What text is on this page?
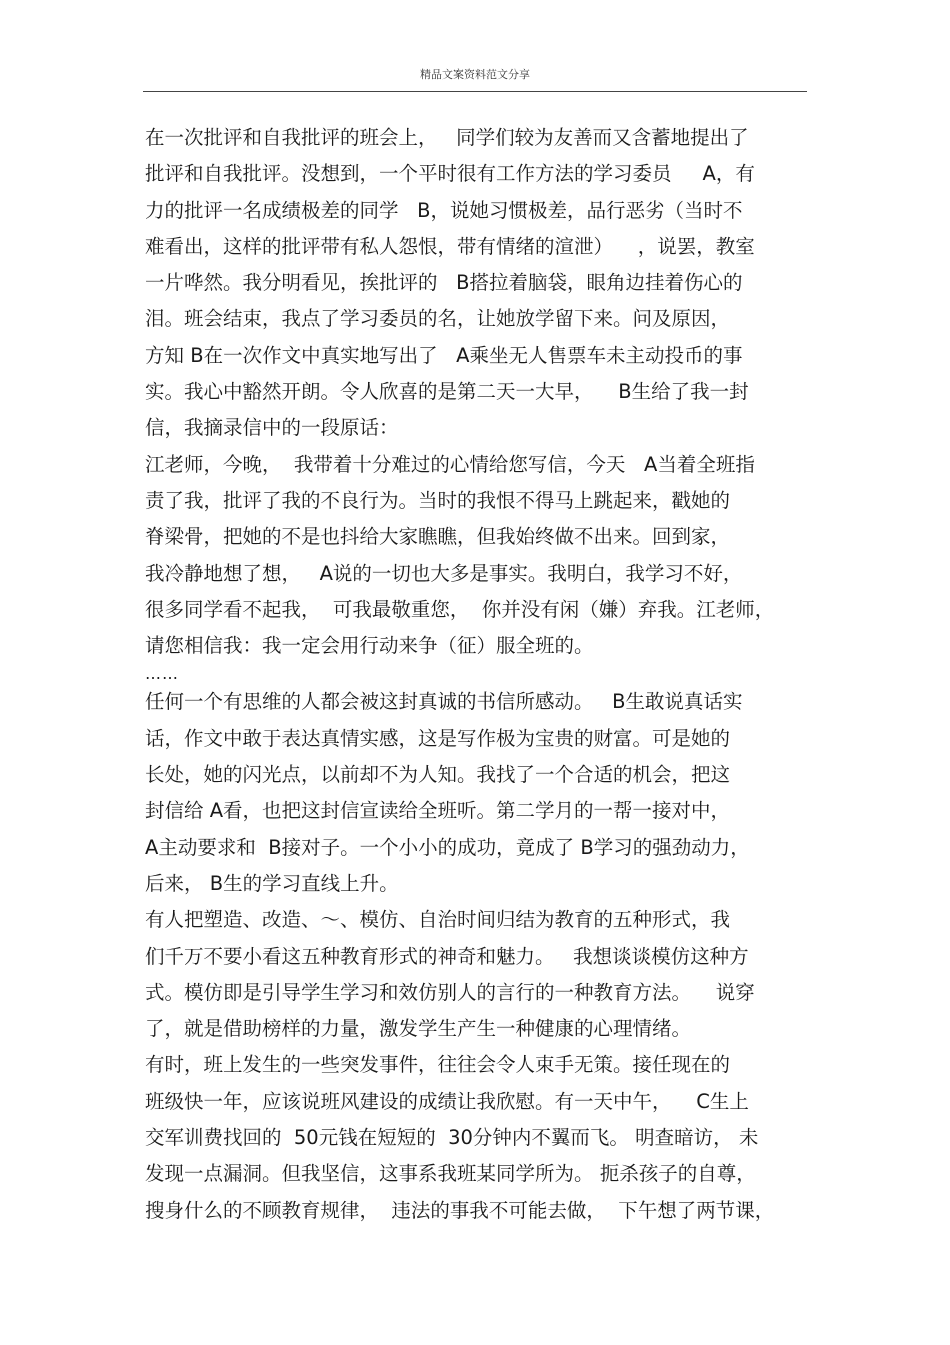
精品文案资料范文分享
在一次批评和自我批评的班会上，   同学们较为友善而又含蓄地提出了
批评和自我批评。没想到，一个平时很有工作方法的学习委员     A，有
力的批评一名成绩极差的同学   B，说她习惯极差，品行恶劣（当时不
难看出，这样的批评带有私人怨恨，带有情绪的渲泄）    ，说罢，教室
一片哗然。我分明看见，挨批评的   B搭拉着脑袋，眼角边挂着伤心的
泪。班会结束，我点了学习委员的名，让她放学留下来。问及原因，
方知 B在一次作文中真实地写出了   A乘坐无人售票车未主动投币的事
实。我心中豁然开朗。令人欣喜的是第二天一大早，    B生给了我一封
信，我摘录信中的一段原话：
江老师，今晚，  我带着十分难过的心情给您写信，今天   A当着全班指
责了我，批评了我的不良行为。当时的我恨不得马上跳起来，戳她的
脊梁骨，把她的不是也抖给大家瞧瞧，但我始终做不出来。回到家，
我冷静地想了想，   A说的一切也大多是事实。我明白，我学习不好，
很多同学看不起我，  可我最敬重您，  你并没有闲（嫌）弃我。江老师，
请您相信我：我一定会用行动来争（征）服全班的。
……
任何一个有思维的人都会被这封真诚的书信所感动。   B生敢说真话实
话，作文中敢于表达真情实感，这是写作极为宝贵的财富。可是她的
长处，她的闪光点，以前却不为人知。我找了一个合适的机会，把这
封信给 A看，也把这封信宣读给全班听。第二学月的一帮一接对中，
A主动要求和  B接对子。一个小小的成功，竟成了 B学习的强劲动力，
后来， B生的学习直线上升。
有人把塑造、改造、～、模仿、自治时间归结为教育的五种形式，我
们千万不要小看这五种教育形式的神奇和魅力。   我想谈谈模仿这种方
式。模仿即是引导学生学习和效仿别人的言行的一种教育方法。    说穿
了，就是借助榜样的力量，激发学生产生一种健康的心理情绪。
有时，班上发生的一些突发事件，往往会令人束手无策。接任现在的
班级快一年，应该说班风建设的成绩让我欣慰。有一天中午，    C生上
交军训费找回的  50元钱在短短的  30分钟内不翼而飞。 明查暗访， 未
发现一点漏洞。但我坚信，这事系我班某同学所为。 扼杀孩子的自尊，
搜身什么的不顾教育规律，  违法的事我不可能去做，  下午想了两节课，
